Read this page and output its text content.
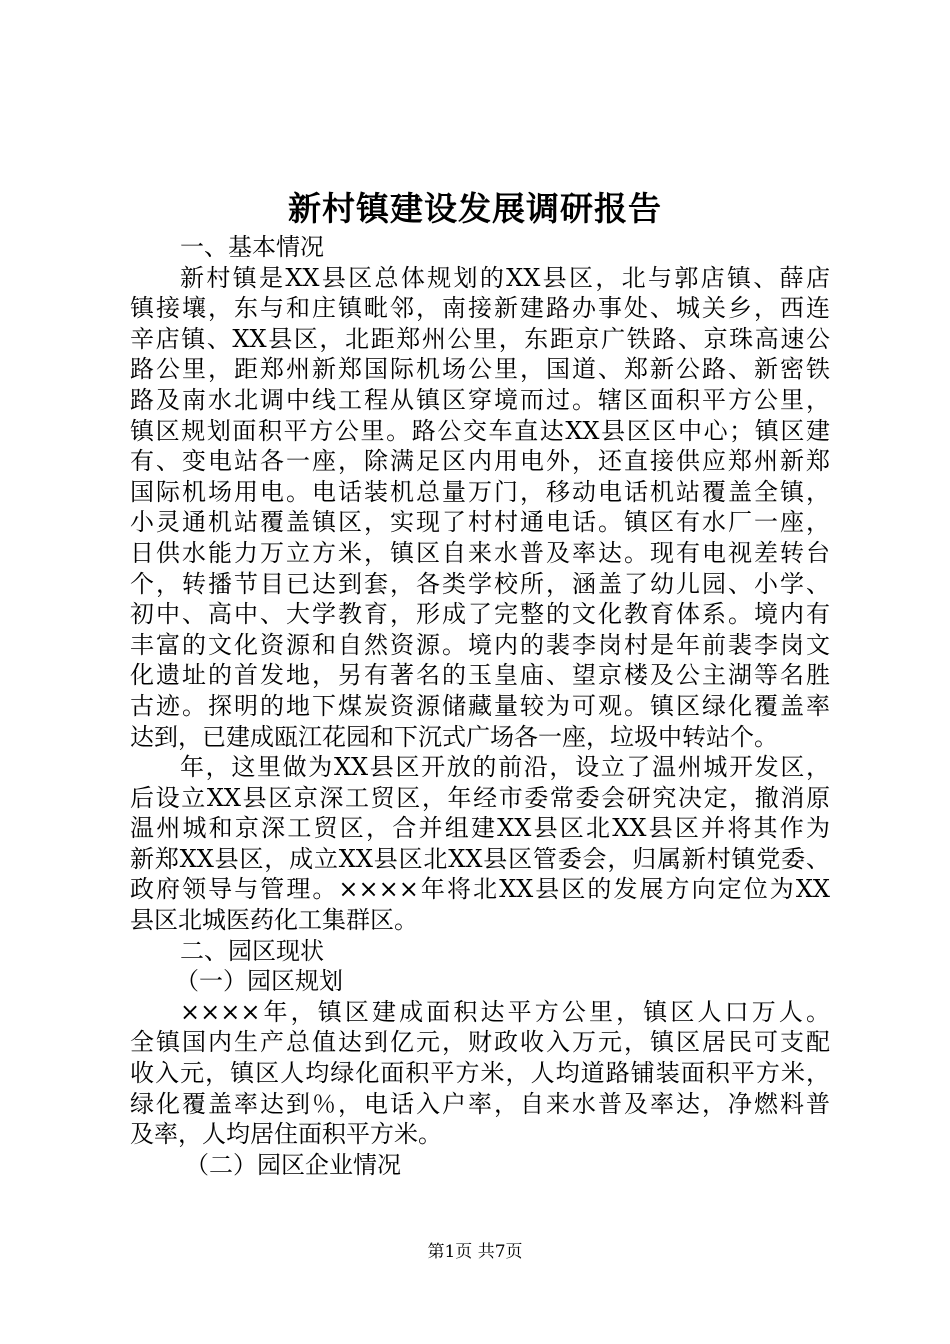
新村镇建设发展调研报告
一、基本情况
新村镇是XX县区总体规划的XX县区，北与郭店镇、薛店
镇接壤，东与和庄镇毗邻，南接新建路办事处、城关乡，西连
辛店镇、XX县区，北距郑州公里，东距京广铁路、京珠高速公
路公里，距郑州新郑国际机场公里，国道、郑新公路、新密铁
路及南水北调中线工程从镇区穿境而过。辖区面积平方公里，
镇区规划面积平方公里。路公交车直达XX县区区中心；镇区建
有、变电站各一座，除满足区内用电外，还直接供应郑州新郑
国际机场用电。电话装机总量万门，移动电话机站覆盖全镇，
小灵通机站覆盖镇区，实现了村村通电话。镇区有水厂一座，
日供水能力万立方米，镇区自来水普及率达。现有电视差转台
个，转播节目已达到套，各类学校所，涵盖了幼儿园、小学、
初中、高中、大学教育，形成了完整的文化教育体系。境内有
丰富的文化资源和自然资源。境内的裴李岗村是年前裴李岗文
化遗址的首发地，另有著名的玉皇庙、望京楼及公主湖等名胜
古迹。探明的地下煤炭资源储藏量较为可观。镇区绿化覆盖率
达到，已建成瓯江花园和下沉式广场各一座，垃圾中转站个。
年，这里做为XX县区开放的前沿，设立了温州城开发区，
后设立XX县区京深工贸区，年经市委常委会研究决定，撤消原
温州城和京深工贸区，合并组建XX县区北XX县区并将其作为
新郑XX县区，成立XX县区北XX县区管委会，归属新村镇党委、
政府领导与管理。××××年将北XX县区的发展方向定位为XX
县区北城医药化工集群区。
二、园区现状
（一）园区规划
××××年，镇区建成面积达平方公里，镇区人口万人。
全镇国内生产总值达到亿元，财政收入万元，镇区居民可支配
收入元，镇区人均绿化面积平方米，人均道路铺装面积平方米，
绿化覆盖率达到％，电话入户率，自来水普及率达，净燃料普
及率，人均居住面积平方米。
（二）园区企业情况
第1页 共7页
